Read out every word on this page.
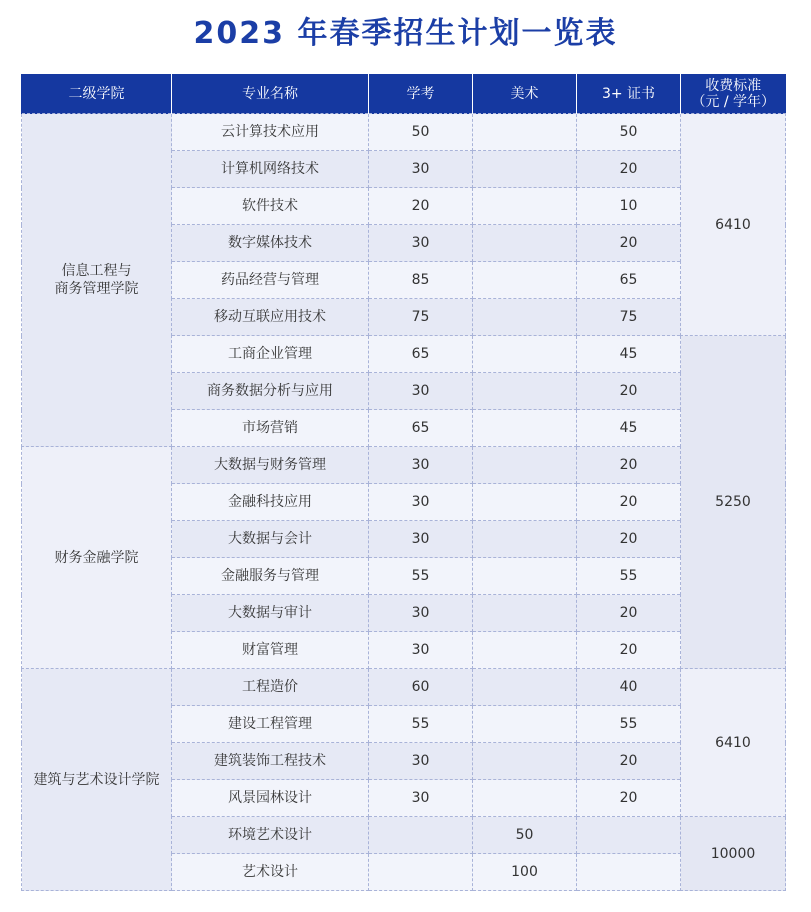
2023 年春季招生计划一览表
二级学院	专业名称	学考	美术	3+ 证书	收费标准
（元 / 学年）

信息工程与
商务管理学院	云计算技术应用	50		50	6410
	计算机网络技术	30		20	
	软件技术	20		10	
	数字媒体技术	30		20	
	药品经营与管理	85		65	
	移动互联应用技术	75		75	
	工商企业管理	65		45	5250
	商务数据分析与应用	30		20	
	市场营销	65		45	

财务金融学院	大数据与财务管理	30		20	
	金融科技应用	30		20	
	大数据与会计	30		20	
	金融服务与管理	55		55	
	大数据与审计	30		20	
	财富管理	30		20	

建筑与艺术设计学院	工程造价	60		40	6410
	建设工程管理	55		55	
	建筑装饰工程技术	30		20	
	风景园林设计	30		20	
	环境艺术设计		50		10000
	艺术设计		100		
